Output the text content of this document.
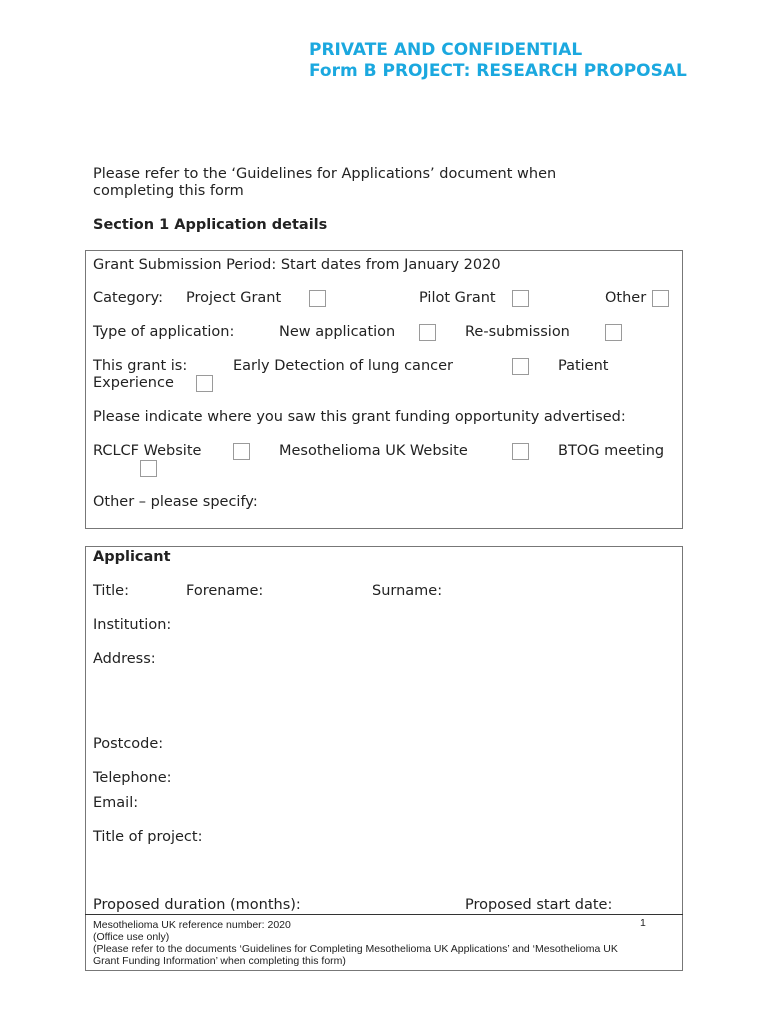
PRIVATE AND CONFIDENTIAL
Form B PROJECT: RESEARCH PROPOSAL
Please refer to the ‘Guidelines for Applications’ document when
completing this form
Section 1 Application details
Grant Submission Period: Start dates from January 2020
Category: Project Grant	Pilot Grant	Other
Type of application:	New application	Re-submission
This grant is:	Early Detection of lung cancer	Patient
Experience
Please indicate where you saw this grant funding opportunity advertised:
RCLCF Website	Mesothelioma UK Website	BTOG meeting
Other – please specify:
Applicant
Title:	Forename:	Surname:
Institution:
Address:
Postcode:
Telephone:
Email:
Title of project:
Proposed duration (months):	Proposed start date:
Mesothelioma UK reference number: 2020	1
(Office use only)
(Please refer to the documents ‘Guidelines for Completing Mesothelioma UK Applications’ and ‘Mesothelioma UK
Grant Funding Information’ when completing this form)
